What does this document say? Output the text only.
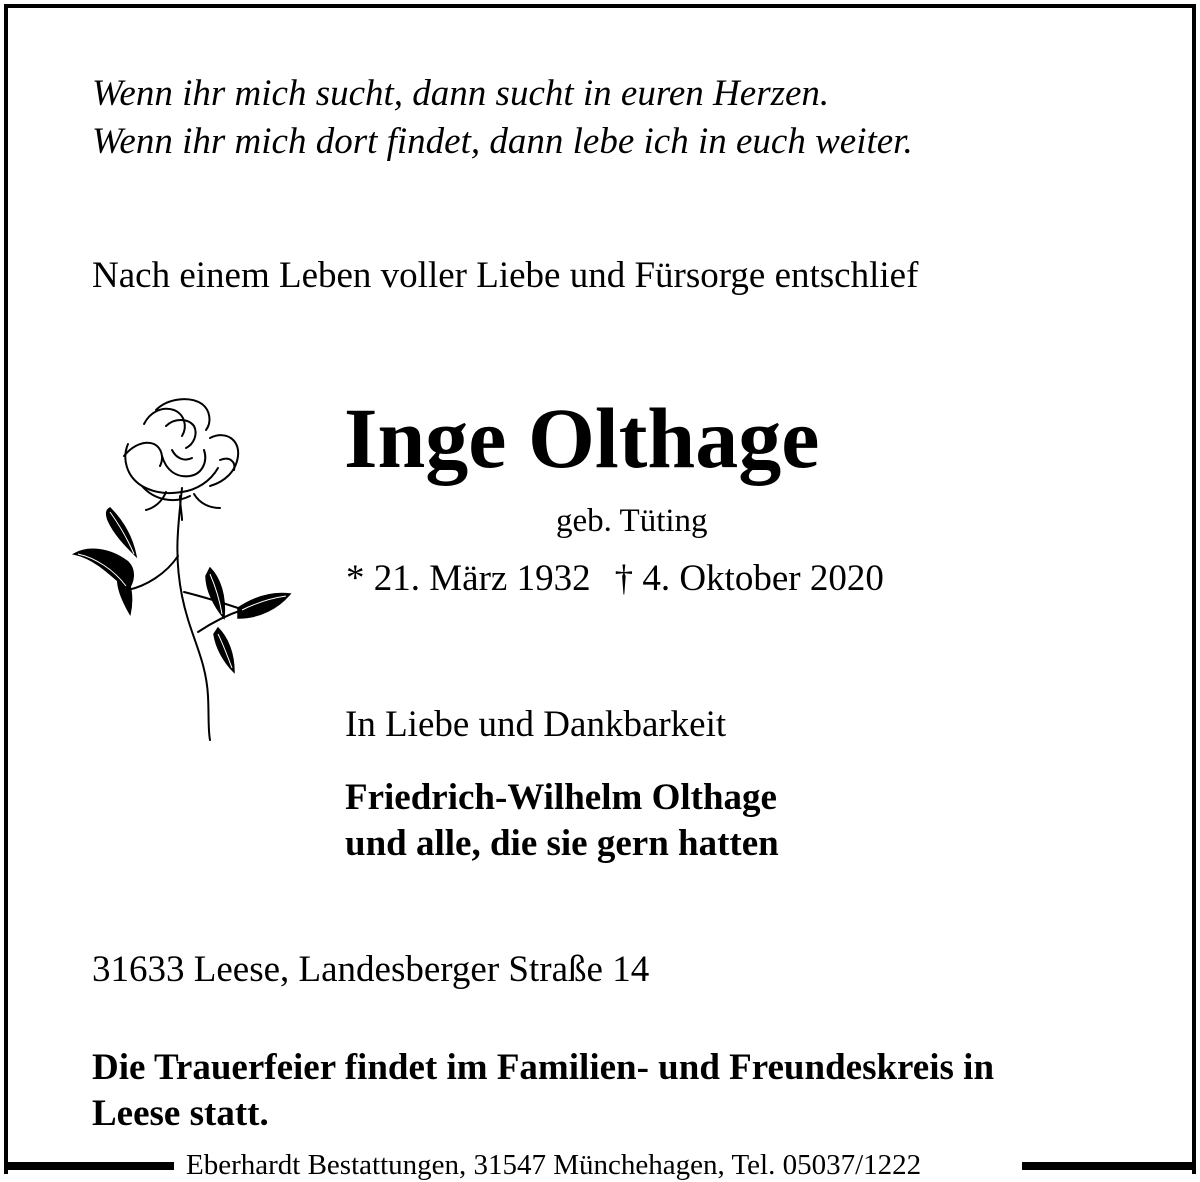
Wenn ihr mich sucht, dann sucht in euren Herzen.
Wenn ihr mich dort findet, dann lebe ich in euch weiter.

Nach einem Leben voller Liebe und Fürsorge entschlief

Inge Olthage

geb. Tüting

* 21. März 1932 † 4. Oktober 2020

In Liebe und Dankbarkeit

Friedrich-Wilhelm Olthage
und alle, die sie gern hatten

31633 Leese, Landesberger Straße 14

Die Trauerfeier findet im Familien- und Freundeskreis in
Leese statt.

Eberhardt Bestattungen, 31547 Münchehagen, Tel. 05037/1222
